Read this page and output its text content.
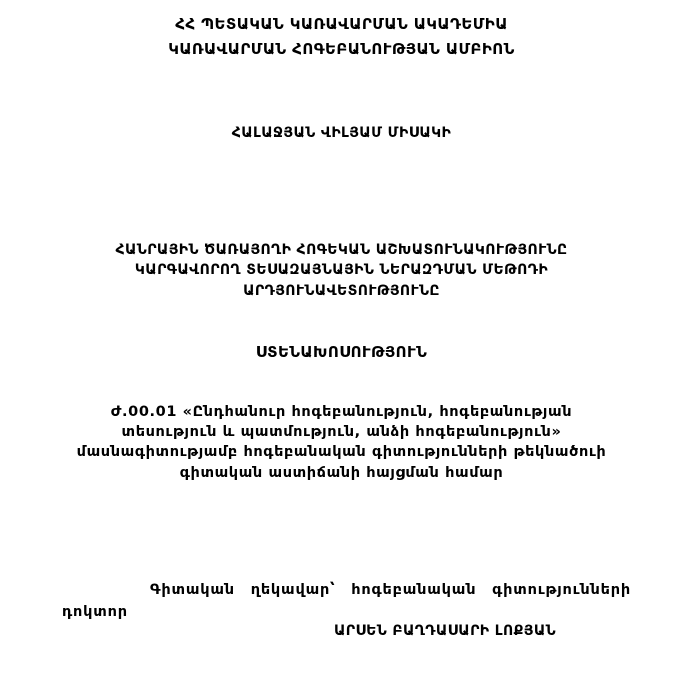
ՀՀ ՊԵՏԱԿԱՆ ԿԱՌԱՎԱՐՄԱՆ ԱԿԱԴԵՄԻԱ
ԿԱՌԱՎԱՐՄԱՆ ՀՈԳԵԲԱՆՈՒԹՅԱՆ ԱՄԲԻՈՆ
ՀԱԼԱՋՅԱՆ ՎԻԼՅԱՄ ՄԻՍԱԿԻ
ՀԱՆՐԱՅԻՆ ԾԱՌԱՅՈՂԻ ՀՈԳԵԿԱՆ ԱՇԽԱՏՈՒՆԱԿՈՒԹՅՈՒՆԸ
ԿԱՐԳԱՎՈՐՈՂ ՏԵՍԱԶԱՅՆԱՅԻՆ ՆԵՐԱԶԴՄԱՆ ՄԵԹՈԴԻ
ԱՐԴՅՈՒՆԱՎԵՏՈՒԹՅՈՒՆԸ
ՍՏԵՆԱԽՈՍՈՒԹՅՈՒՆ
Ժ.00.01 «Ընդհանուր հոգեբանություն, հոգեբանության
տեսություն և պատմություն, անձի հոգեբանություն»
մասնագիտությամբ հոգեբանական գիտությունների թեկնածուի
գիտական աստիճանի հայցման համար
Գիտական ղեկավար՝ հոգեբանական գիտությունների
դոկտոր
ԱՐՍԵՆ ԲԱՂԴԱՍԱՐԻ ԼՈՔՅԱՆ
